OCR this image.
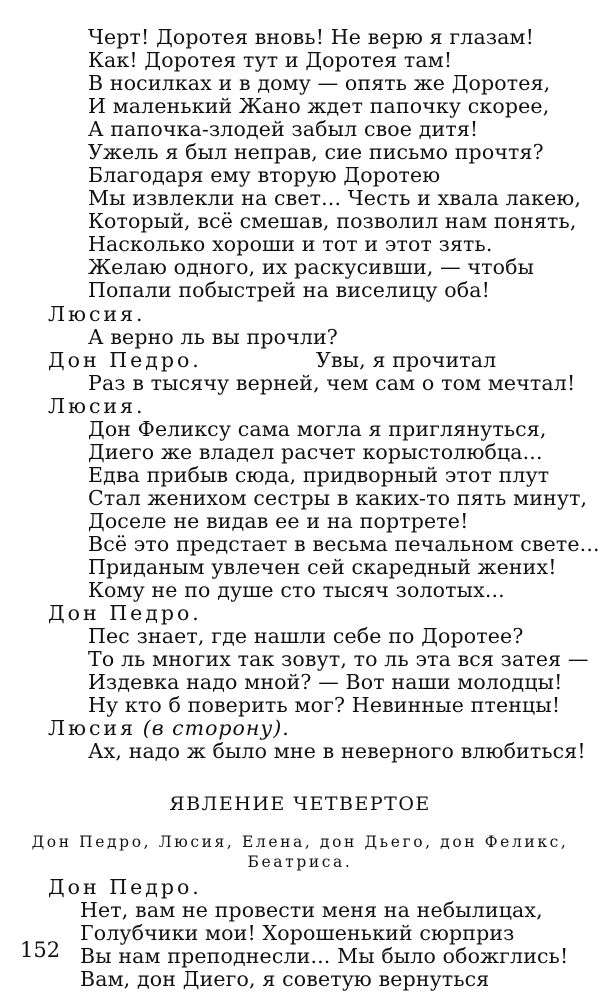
Черт! Доротея вновь! Не верю я глазам!
Как! Доротея тут и Доротея там!
В носилках и в дому — опять же Доротея,
И маленький Жано ждет папочку скорее,
А папочка-злодей забыл свое дитя!
Ужель я был неправ, сие письмо прочтя?
Благодаря ему вторую Доротею
Мы извлекли на свет... Честь и хвала лакею,
Который, всё смешав, позволил нам понять,
Насколько хороши и тот и этот зять.
Желаю одного, их раскусивши, — чтобы
Попали побыстрей на виселицу оба!
Люсия.
А верно ль вы прочли?
Дон Педро.	Увы, я прочитал
Раз в тысячу верней, чем сам о том мечтал!
Люсия.
Дон Феликсу сама могла я приглянуться,
Диего же владел расчет корыстолюбца...
Едва прибыв сюда, придворный этот плут
Стал женихом сестры в каких-то пять минут,
Доселе не видав ее и на портрете!
Всё это предстает в весьма печальном свете...
Приданым увлечен сей скаредный жених!
Кому не по душе сто тысяч золотых...
Дон Педро.
Пес знает, где нашли себе по Доротее?
То ль многих так зовут, то ль эта вся затея —
Издевка надо мной? — Вот наши молодцы!
Ну кто б поверить мог? Невинные птенцы!
Люсия (в сторону).
Ах, надо ж было мне в неверного влюбиться!
ЯВЛЕНИЕ ЧЕТВЕРТОЕ
Дон Педро, Люсия, Елена, дон Дьего, дон Феликс,
Беатриса.
Дон Педро.
Нет, вам не провести меня на небылицах,
Голубчики мои! Хорошенький сюрприз
Вы нам преподнесли... Мы было обожглись!
Вам, дон Диего, я советую вернуться
152
